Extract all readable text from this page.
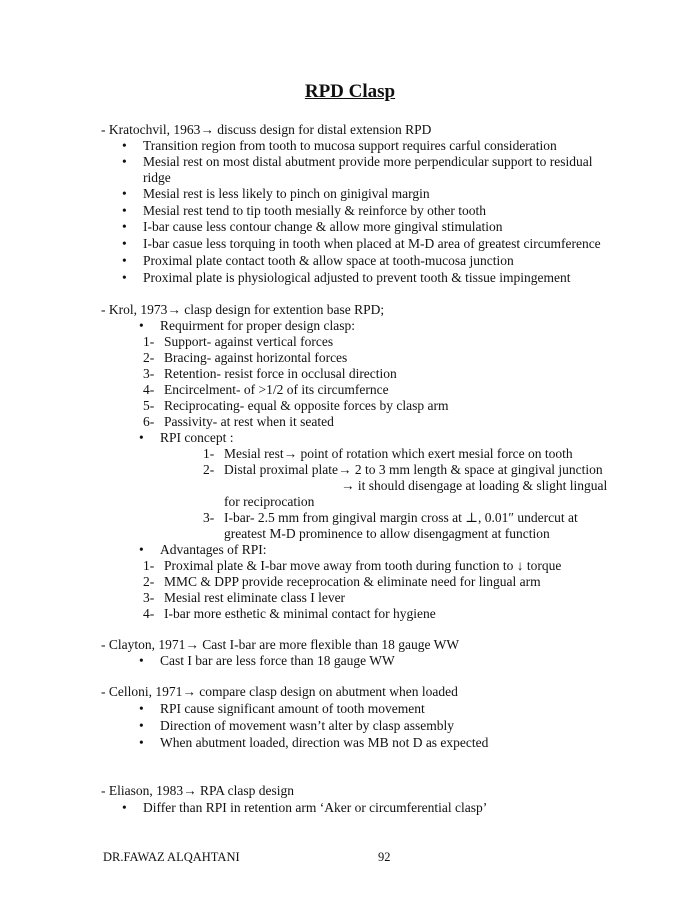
RPD Clasp
- Kratochvil, 1963→ discuss design for distal extension RPD
• Transition region from tooth to mucosa support requires carful consideration
• Mesial rest on most distal abutment provide more perpendicular support to residual
ridge
• Mesial rest is less likely to pinch on ginigival margin
• Mesial rest tend to tip tooth mesially & reinforce by other tooth
• I-bar cause less contour change & allow more gingival stimulation
• I-bar casue less torquing in tooth when placed at M-D area of greatest circumference
• Proximal plate contact tooth & allow space at tooth-mucosa junction
• Proximal plate is physiological adjusted to prevent tooth & tissue impingement
- Krol, 1973→ clasp design for extention base RPD;
• Requirment for proper design clasp:
1- Support- against vertical forces
2- Bracing- against horizontal forces
3- Retention- resist force in occlusal direction
4- Encircelment- of >1/2 of its circumfernce
5- Reciprocating- equal & opposite forces by clasp arm
6- Passivity- at rest when it seated
• RPI concept :
1- Mesial rest→ point of rotation which exert mesial force on tooth
2- Distal proximal plate→ 2 to 3 mm length & space at gingival junction
→ it should disengage at loading & slight lingual
for reciprocation
3- I-bar- 2.5 mm from gingival margin cross at ⊥, 0.01″ undercut at
greatest M-D prominence to allow disengagment at function
• Advantages of RPI:
1- Proximal plate & I-bar move away from tooth during function to ↓ torque
2- MMC & DPP provide receprocation & eliminate need for lingual arm
3- Mesial rest eliminate class I lever
4- I-bar more esthetic & minimal contact for hygiene
- Clayton, 1971→ Cast I-bar are more flexible than 18 gauge WW
• Cast I bar are less force than 18 gauge WW
- Celloni, 1971→ compare clasp design on abutment when loaded
• RPI cause significant amount of tooth movement
• Direction of movement wasn’t alter by clasp assembly
• When abutment loaded, direction was MB not D as expected
- Eliason, 1983→ RPA clasp design
• Differ than RPI in retention arm ‘Aker or circumferential clasp’
DR.FAWAZ ALQAHTANI	92
